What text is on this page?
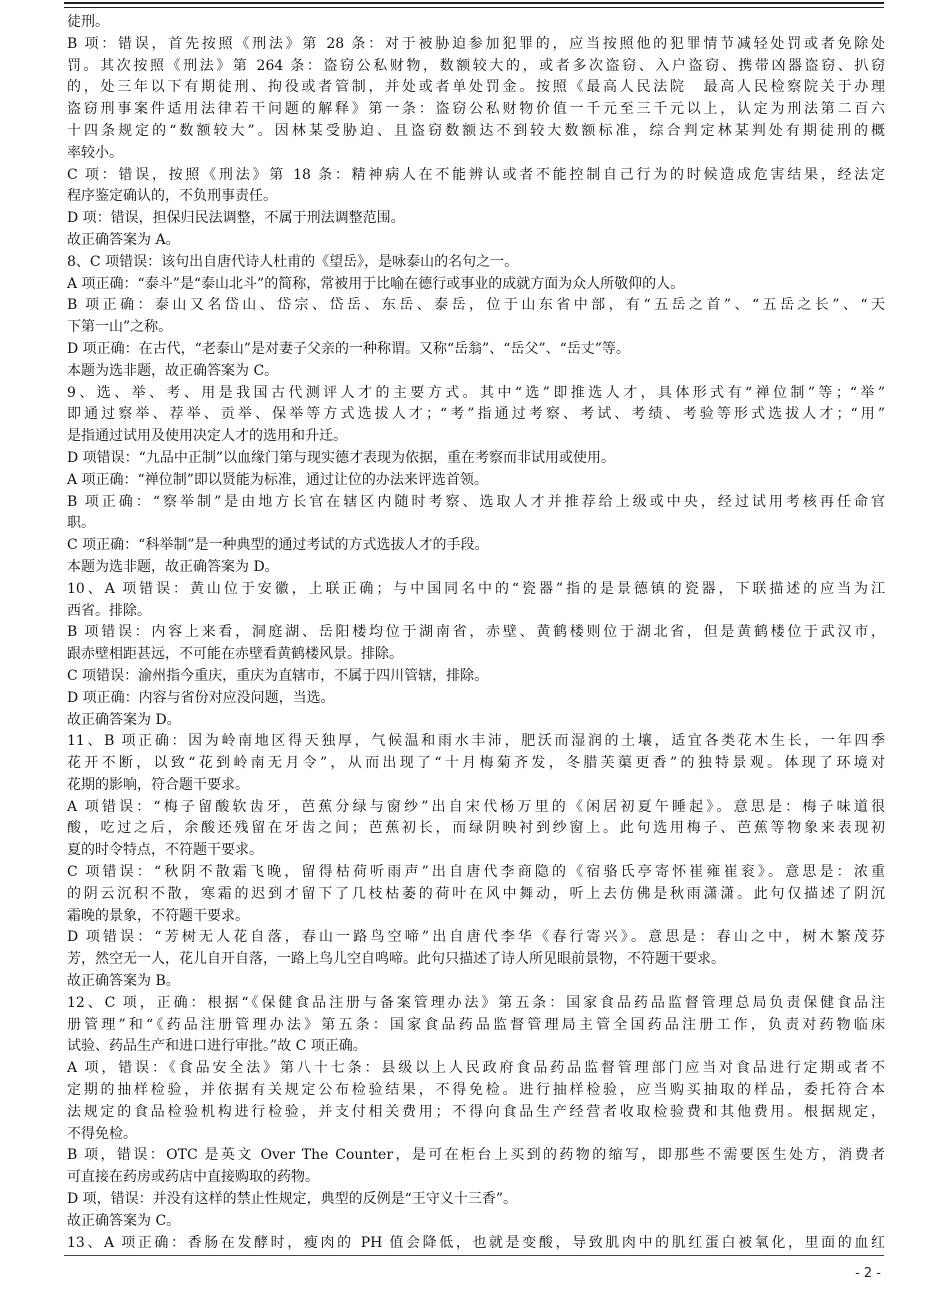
徒刑。
B 项：错误，首先按照《刑法》第 28 条：对于被胁迫参加犯罪的，应当按照他的犯罪情节减轻处罚或者免除处
罚。其次按照《刑法》第 264 条：盗窃公私财物，数额较大的，或者多次盗窃、入户盗窃、携带凶器盗窃、扒窃
的，处三年以下有期徒刑、拘役或者管制，并处或者单处罚金。按照《最高人民法院　最高人民检察院关于办理
盗窃刑事案件适用法律若干问题的解释》第一条：盗窃公私财物价值一千元至三千元以上，认定为刑法第二百六
十四条规定的“数额较大”。因林某受胁迫、且盗窃数额达不到较大数额标准，综合判定林某判处有期徒刑的概
率较小。
C 项：错误，按照《刑法》第 18 条：精神病人在不能辨认或者不能控制自己行为的时候造成危害结果，经法定
程序鉴定确认的，不负刑事责任。
D 项：错误，担保归民法调整，不属于刑法调整范围。
故正确答案为 A。
8、C 项错误：该句出自唐代诗人杜甫的《望岳》，是咏泰山的名句之一。
A 项正确：“泰斗”是“泰山北斗”的简称，常被用于比喻在德行或事业的成就方面为众人所敬仰的人。
B 项正确：泰山又名岱山、岱宗、岱岳、东岳、泰岳，位于山东省中部，有“五岳之首”、“五岳之长”、“天
下第一山”之称。
D 项正确：在古代，“老泰山”是对妻子父亲的一种称谓。又称“岳翁”、“岳父”、“岳丈”等。
本题为选非题，故正确答案为 C。
9、选、举、考、用是我国古代测评人才的主要方式。其中“选”即推选人才，具体形式有“禅位制”等；“举”
即通过察举、荐举、贡举、保举等方式选拔人才；“考”指通过考察、考试、考绩、考验等形式选拔人才；“用”
是指通过试用及使用决定人才的选用和升迁。
D 项错误：“九品中正制”以血缘门第与现实德才表现为依据，重在考察而非试用或使用。
A 项正确：“禅位制”即以贤能为标准，通过让位的办法来评选首领。
B 项正确：“察举制”是由地方长官在辖区内随时考察、选取人才并推荐给上级或中央，经过试用考核再任命官
职。
C 项正确：“科举制”是一种典型的通过考试的方式选拔人才的手段。
本题为选非题，故正确答案为 D。
10、A 项错误：黄山位于安徽，上联正确；与中国同名中的“瓷器”指的是景德镇的瓷器，下联描述的应当为江
西省。排除。
B 项错误：内容上来看，洞庭湖、岳阳楼均位于湖南省，赤壁、黄鹤楼则位于湖北省，但是黄鹤楼位于武汉市，
跟赤壁相距甚远，不可能在赤壁看黄鹤楼风景。排除。
C 项错误：渝州指今重庆，重庆为直辖市，不属于四川管辖，排除。
D 项正确：内容与省份对应没问题，当选。
故正确答案为 D。
11、B 项正确：因为岭南地区得天独厚，气候温和雨水丰沛，肥沃而湿润的土壤，适宜各类花木生长，一年四季
花开不断，以致“花到岭南无月令”，从而出现了“十月梅菊齐发，冬腊芙蕖更香”的独特景观。体现了环境对
花期的影响，符合题干要求。
A 项错误：“梅子留酸软齿牙，芭蕉分绿与窗纱”出自宋代杨万里的《闲居初夏午睡起》。意思是：梅子味道很
酸，吃过之后，余酸还残留在牙齿之间；芭蕉初长，而绿阴映衬到纱窗上。此句选用梅子、芭蕉等物象来表现初
夏的时令特点，不符题干要求。
C 项错误：“秋阴不散霜飞晚，留得枯荷听雨声”出自唐代李商隐的《宿骆氏亭寄怀崔雍崔衮》。意思是：浓重
的阴云沉积不散，寒霜的迟到才留下了几枝枯萎的荷叶在风中舞动，听上去仿佛是秋雨潇潇。此句仅描述了阴沉
霜晚的景象，不符题干要求。
D 项错误：“芳树无人花自落，春山一路鸟空啼”出自唐代李华《春行寄兴》。意思是：春山之中，树木繁茂芬
芳，然空无一人，花儿自开自落，一路上鸟儿空自鸣啼。此句只描述了诗人所见眼前景物，不符题干要求。
故正确答案为 B。
12、C 项，正确：根据“《保健食品注册与备案管理办法》第五条：国家食品药品监督管理总局负责保健食品注
册管理”和“《药品注册管理办法》第五条：国家食品药品监督管理局主管全国药品注册工作，负责对药物临床
试验、药品生产和进口进行审批。”故 C 项正确。
A 项，错误：《食品安全法》第八十七条：县级以上人民政府食品药品监督管理部门应当对食品进行定期或者不
定期的抽样检验，并依据有关规定公布检验结果，不得免检。进行抽样检验，应当购买抽取的样品，委托符合本
法规定的食品检验机构进行检验，并支付相关费用；不得向食品生产经营者收取检验费和其他费用。根据规定，
不得免检。
B 项，错误：OTC 是英文 Over The Counter，是可在柜台上买到的药物的缩写，即那些不需要医生处方，消费者
可直接在药房或药店中直接购取的药物。
D 项，错误：并没有这样的禁止性规定，典型的反例是“王守义十三香”。
故正确答案为 C。
13、A 项正确：香肠在发酵时，瘦肉的 PH 值会降低，也就是变酸，导致肌肉中的肌红蛋白被氧化，里面的血红
- 2 -
